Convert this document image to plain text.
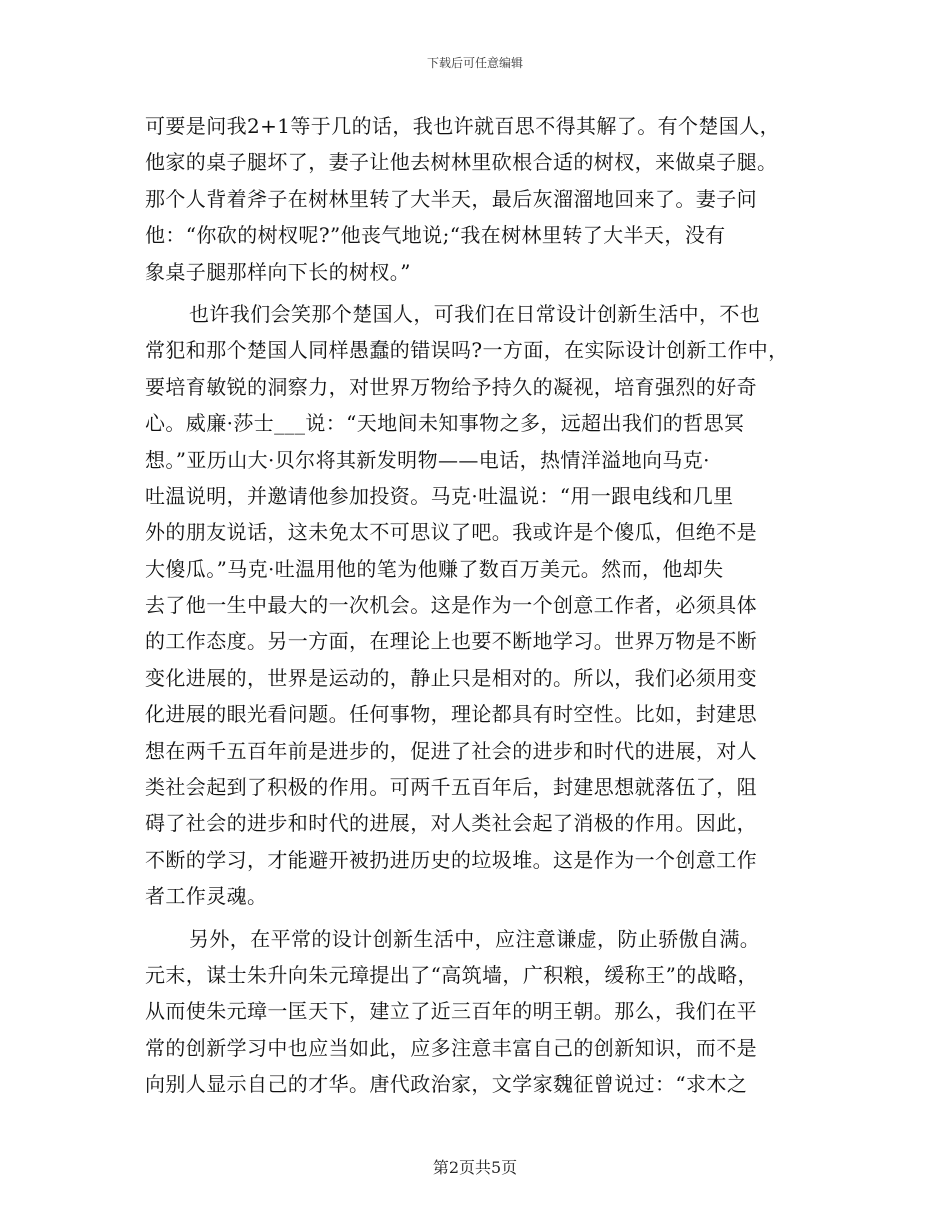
下载后可任意编辑
可要是问我2+1等于几的话，我也许就百思不得其解了。有个楚国人，
他家的桌子腿坏了，妻子让他去树林里砍根合适的树杈，来做桌子腿。
那个人背着斧子在树林里转了大半天，最后灰溜溜地回来了。妻子问
他：“你砍的树杈呢?”他丧气地说;“我在树林里转了大半天，没有
象桌子腿那样向下长的树杈。”
也许我们会笑那个楚国人，可我们在日常设计创新生活中，不也
常犯和那个楚国人同样愚蠢的错误吗?一方面，在实际设计创新工作中，
要培育敏锐的洞察力，对世界万物给予持久的凝视，培育强烈的好奇
心。威廉·莎士___说：“天地间未知事物之多，远超出我们的哲思冥
想。”亚历山大·贝尔将其新发明物——电话，热情洋溢地向马克·
吐温说明，并邀请他参加投资。马克·吐温说：“用一跟电线和几里
外的朋友说话，这未免太不可思议了吧。我或许是个傻瓜，但绝不是
大傻瓜。”马克·吐温用他的笔为他赚了数百万美元。然而，他却失
去了他一生中最大的一次机会。这是作为一个创意工作者，必须具体
的工作态度。另一方面，在理论上也要不断地学习。世界万物是不断
变化进展的，世界是运动的，静止只是相对的。所以，我们必须用变
化进展的眼光看问题。任何事物，理论都具有时空性。比如，封建思
想在两千五百年前是进步的，促进了社会的进步和时代的进展，对人
类社会起到了积极的作用。可两千五百年后，封建思想就落伍了，阻
碍了社会的进步和时代的进展，对人类社会起了消极的作用。因此，
不断的学习，才能避开被扔进历史的垃圾堆。这是作为一个创意工作
者工作灵魂。
另外，在平常的设计创新生活中，应注意谦虚，防止骄傲自满。
元末，谋士朱升向朱元璋提出了“高筑墙，广积粮，缓称王”的战略，
从而使朱元璋一匡天下，建立了近三百年的明王朝。那么，我们在平
常的创新学习中也应当如此，应多注意丰富自己的创新知识，而不是
向别人显示自己的才华。唐代政治家，文学家魏征曾说过：“求木之
第2页共5页
